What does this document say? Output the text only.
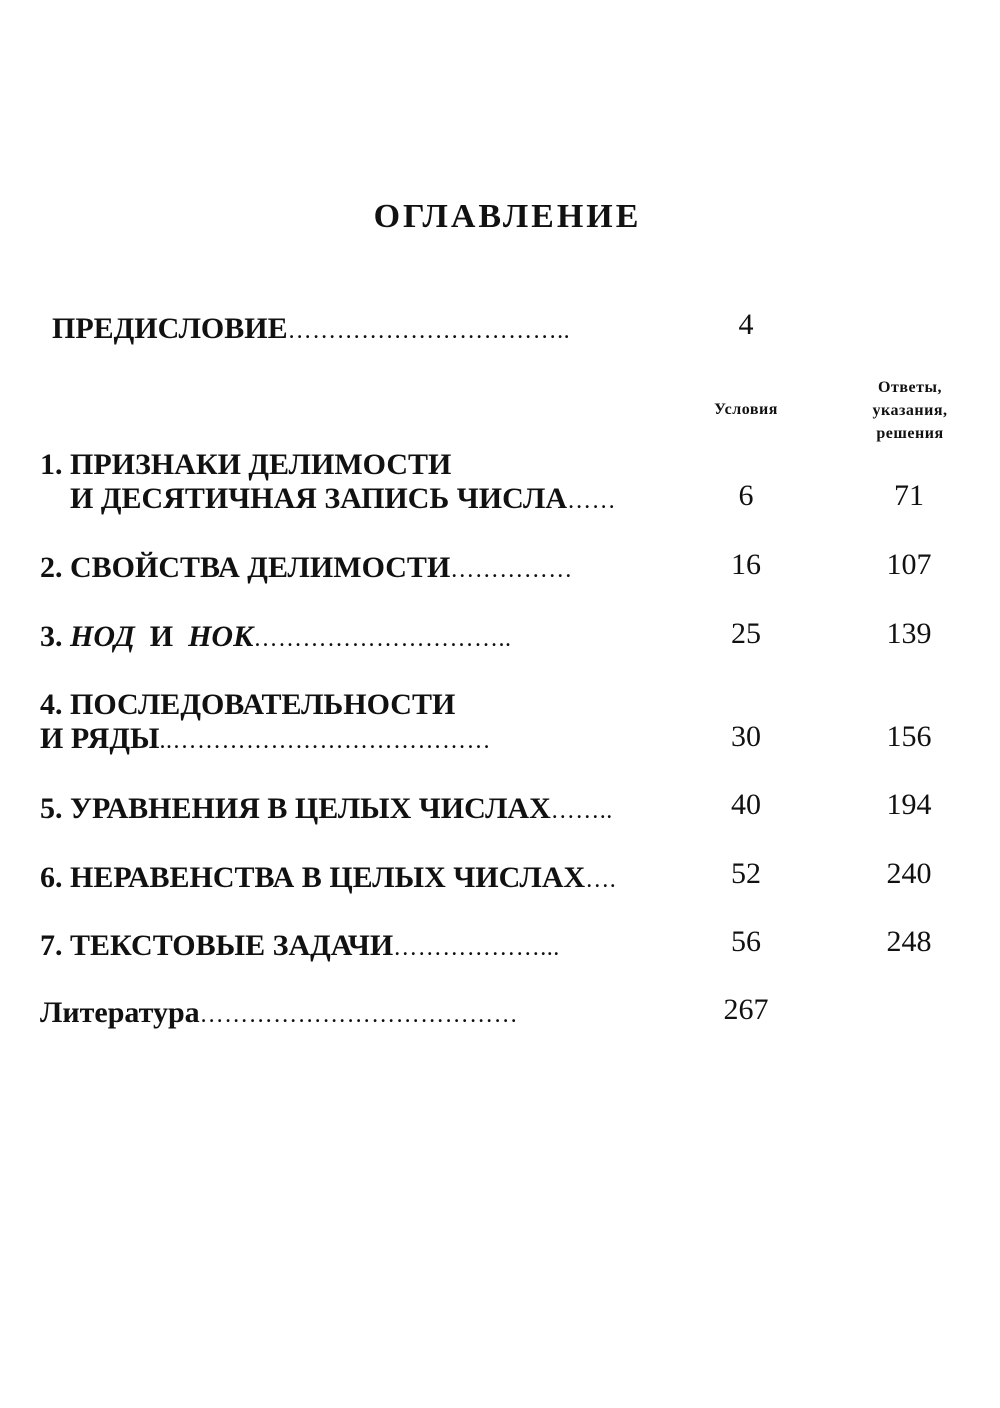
ОГЛАВЛЕНИЕ
ПРЕДИСЛОВИЕ……………………………..	4
Условия
Ответы,
указания,
решения
1. ПРИЗНАКИ ДЕЛИМОСТИ
И ДЕСЯТИЧНАЯ ЗАПИСЬ ЧИСЛА……	6	71
2. СВОЙСТВА ДЕЛИМОСТИ……………	16	107
3. НОД И НОК…………………………..	25	139
4. ПОСЛЕДОВАТЕЛЬНОСТИ
И РЯДЫ..…………………………………	30	156
5. УРАВНЕНИЯ В ЦЕЛЫХ ЧИСЛАХ……..	40	194
6. НЕРАВЕНСТВА В ЦЕЛЫХ ЧИСЛАХ….	52	240
7. ТЕКСТОВЫЕ ЗАДАЧИ………………...	56	248
Литература…………………………………	267
